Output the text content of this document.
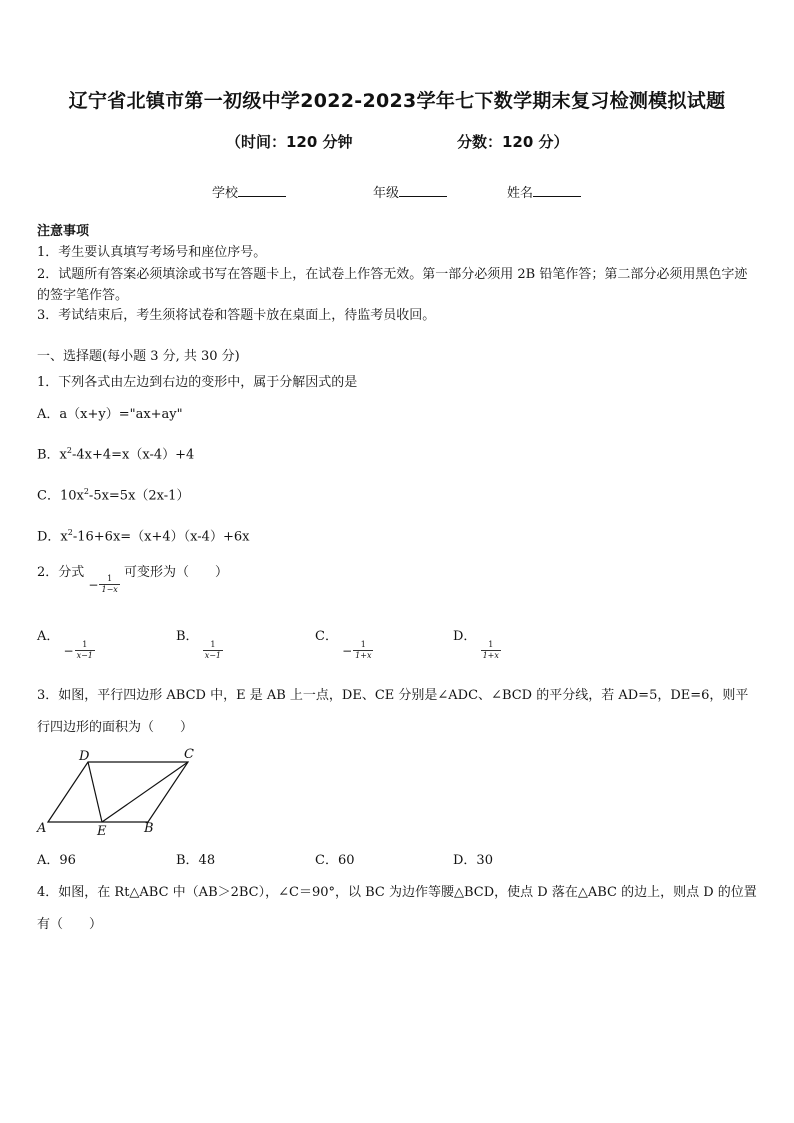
辽宁省北镇市第一初级中学2022-2023学年七下数学期末复习检测模拟试题
（时间：120 分钟	分数：120 分）
学校	年级	姓名
注意事项
1．考生要认真填写考场号和座位序号。
2．试题所有答案必须填涂或书写在答题卡上，在试卷上作答无效。第一部分必须用 2B 铅笔作答；第二部分必须用黑色字迹的签字笔作答。
3．考试结束后，考生须将试卷和答题卡放在桌面上，待监考员收回。
一、选择题(每小题 3 分, 共 30 分)
1．下列各式由左边到右边的变形中，属于分解因式的是
A．a（x+y）="ax+ay"
B．$x^2-4x+4=x(x-4)+4$
C．$10x^2-5x=5x(2x-1)$
D．$x^2-16+6x=(x+4)(x-4)+6x$
2．分式 − $\frac{1}{1-x}$
可变形为（　　）
A． − $\frac{1}{x-1}$
B．
$\frac{1}{x-1}$
C． − $\frac{1}{1+x}$
D．
$\frac{1}{1+x}$
3．如图，平行四边形 ABCD 中，E 是 AB 上一点，DE、CE 分别是∠ADC、∠BCD 的平分线，若 AD=5，DE=6，则平行四边形的面积为（　　）
A
D	C
E	B
A．96	B．48	C．60	D．30
4．如图，在 Rt△ABC 中（AB＞2BC），∠C＝90°，以 BC 为边作等腰△BCD，使点 D 落在△ABC 的边上，则点 D 的位置有（　　）
